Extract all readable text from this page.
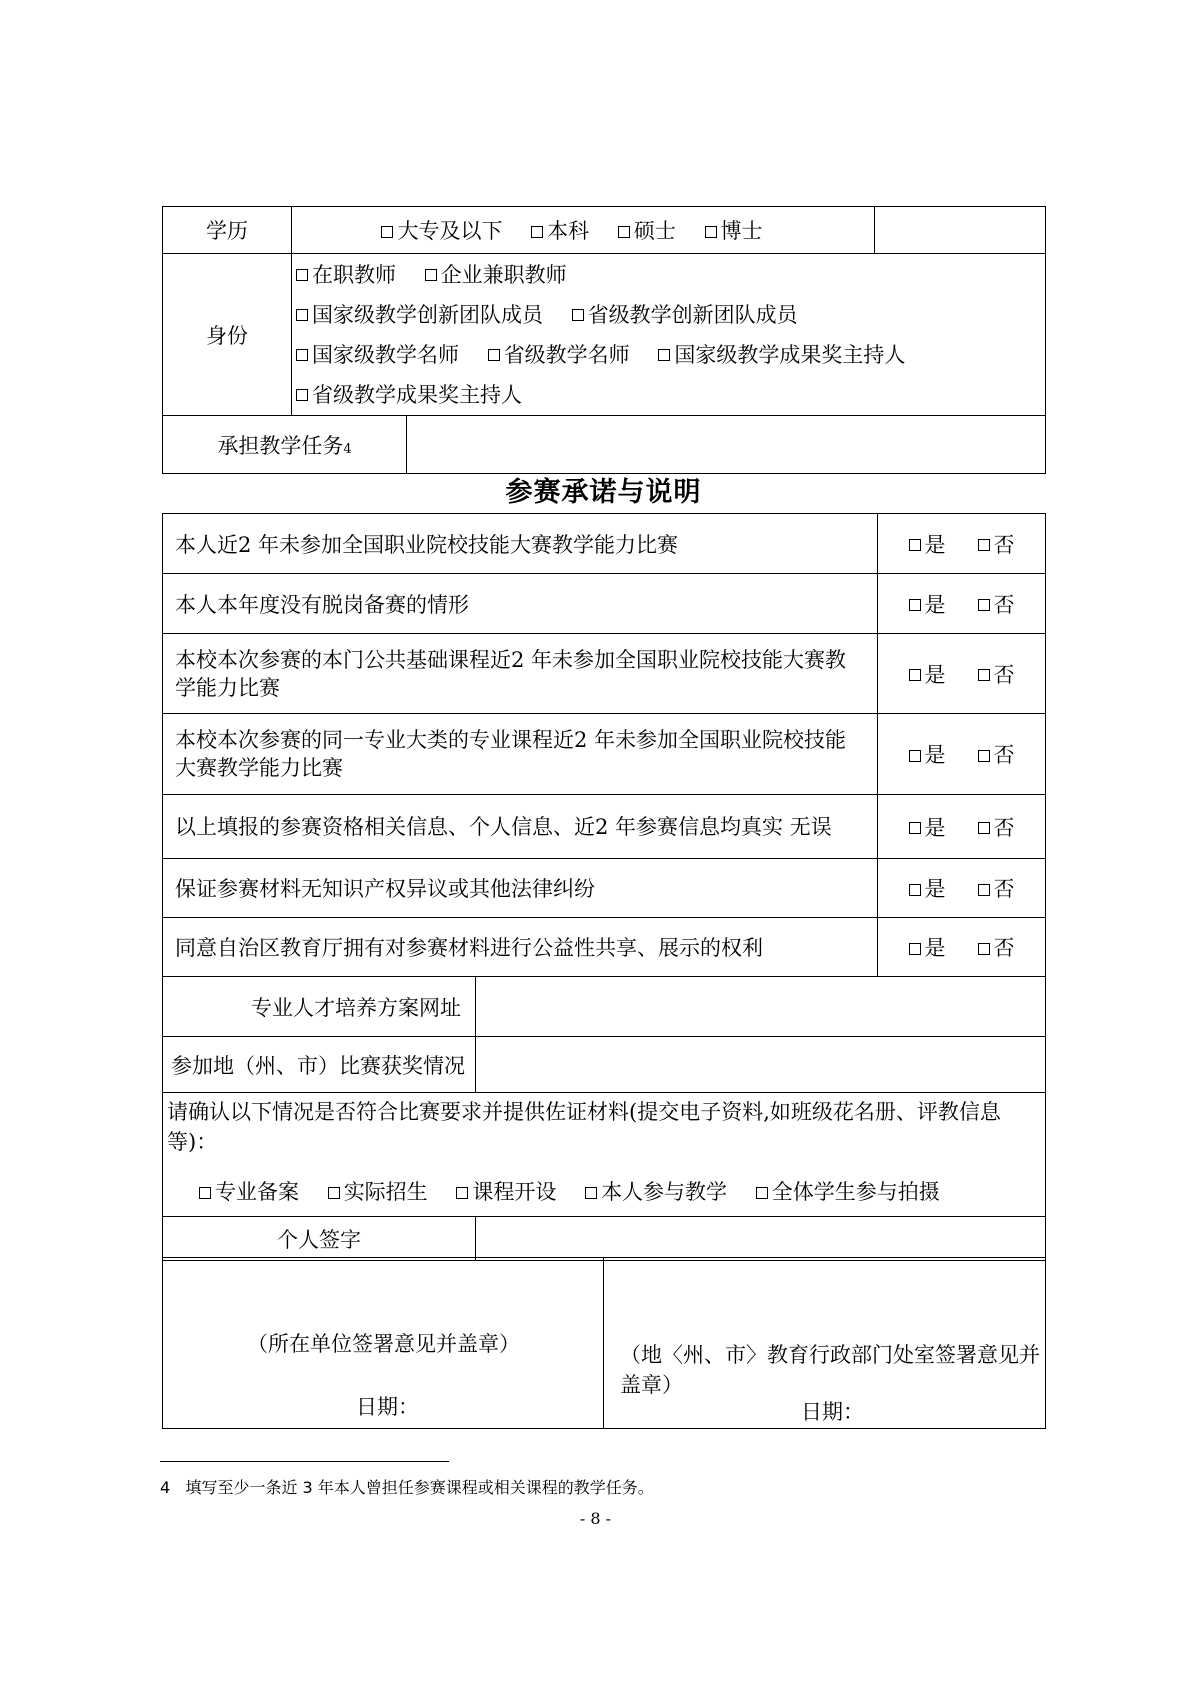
学历	大专及以下 本科 硕士 博士		
身份	在职教师 企业兼职教师
国家级教学创新团队成员 省级教学创新团队成员
国家级教学名师 省级教学名师 国家级教学成果奖主持人
省级教学成果奖主持人		

承担教学任务4			
参赛承诺与说明
本人近2 年未参加全国职业院校技能大赛教学能力比赛		是 否
本人本年度没有脱岗备赛的情形		是 否
本校本次参赛的本门公共基础课程近2 年未参加全国职业院校技能大赛教学能力比赛		是 否
本校本次参赛的同一专业大类的专业课程近2 年未参加全国职业院校技能大赛教学能力比赛		是 否
以上填报的参赛资格相关信息、个人信息、近2 年参赛信息均真实 无误		是 否
保证参赛材料无知识产权异议或其他法律纠纷		是 否
同意自治区教育厅拥有对参赛材料进行公益性共享、展示的权利		是 否
专业人才培养方案网址		
参加地（州、市）比赛获奖情况		

请确认以下情况是否符合比赛要求并提供佐证材料(提交电子资料,如班级花名册、评教信息等)：
专业备案 实际招生 课程开设 本人参与教学 全体学生参与拍摄		

个人签字		
（所在单位签署意见并盖章）
日期：

（地〈州、市〉教育行政部门处室签署意见并盖章）
日期：
4 填写至少一条近 3 年本人曾担任参赛课程或相关课程的教学任务。
- 8 -
